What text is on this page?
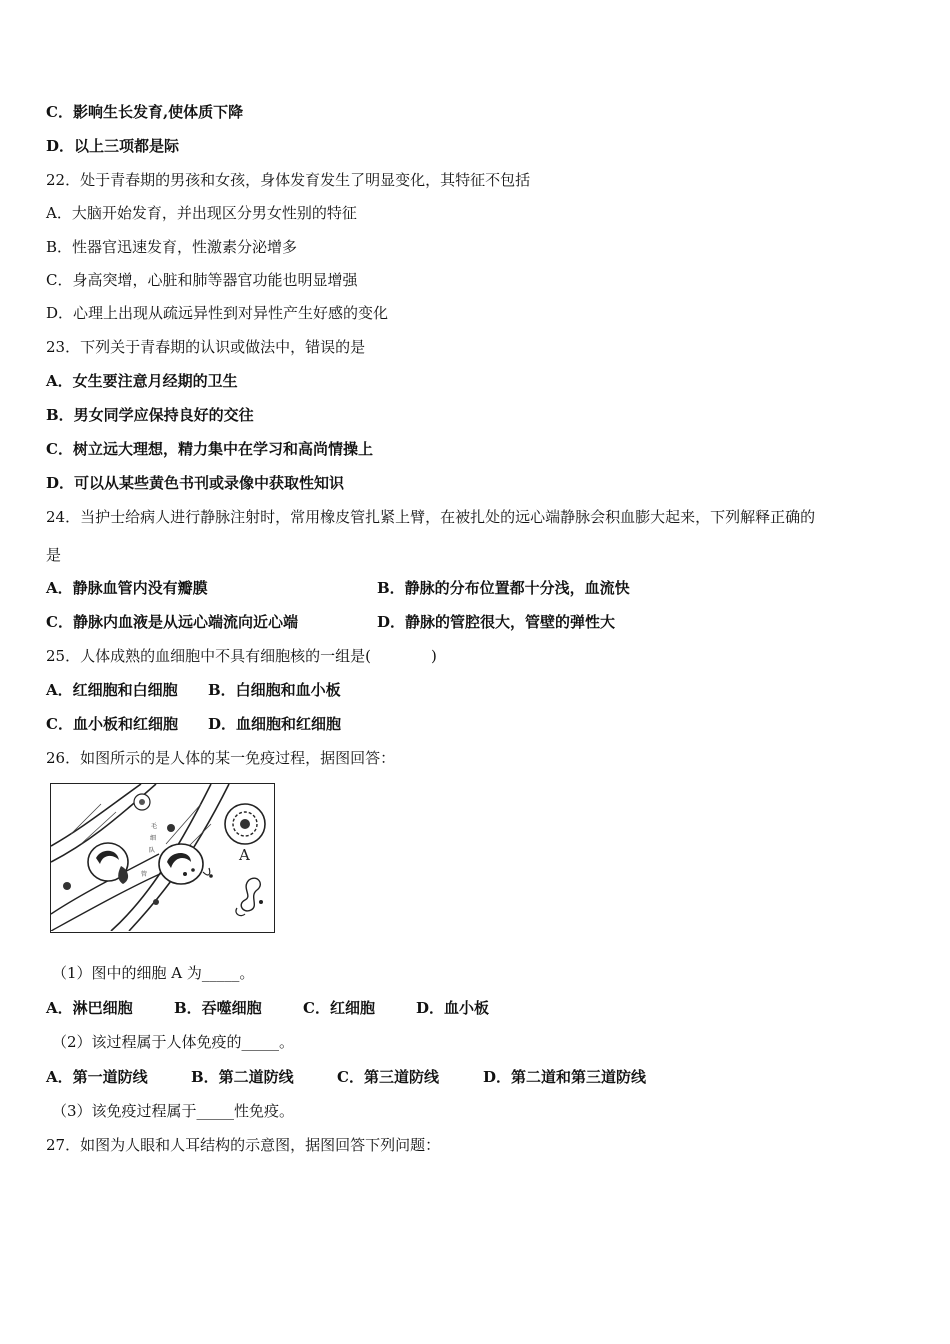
C．影响生长发育,使体质下降
D．以上三项都是际
22．处于青春期的男孩和女孩，身体发育发生了明显变化，其特征不包括
A．大脑开始发育，并出现区分男女性别的特征
B．性器官迅速发育，性激素分泌增多
C．身高突增，心脏和肺等器官功能也明显增强
D．心理上出现从疏远异性到对异性产生好感的变化
23．下列关于青春期的认识或做法中，错误的是
A．女生要注意月经期的卫生
B．男女同学应保持良好的交往
C．树立远大理想，精力集中在学习和高尚情操上
D．可以从某些黄色书刊或录像中获取性知识
24．当护士给病人进行静脉注射时，常用橡皮管扎紧上臂，在被扎处的远心端静脉会积血膨大起来，下列解释正确的
是
A．静脉血管内没有瓣膜	B．静脉的分布位置都十分浅，血流快
C．静脉内血液是从远心端流向近心端	D．静脉的管腔很大，管壁的弹性大
25．人体成熟的血细胞中不具有细胞核的一组是(　　　　)
A．红细胞和白细胞 B．白细胞和血小板
C．血小板和红细胞 D．血细胞和红细胞
26．如图所示的是人体的某一免疫过程，据图回答：
A
毛
细
队
管
（1）图中的细胞 A 为_____。
A．淋巴细胞	B．吞噬细胞	C．红细胞	D．血小板
（2）该过程属于人体免疫的_____。
A．第一道防线	B．第二道防线	C．第三道防线	D．第二道和第三道防线
（3）该免疫过程属于_____性免疫。
27．如图为人眼和人耳结构的示意图，据图回答下列问题：
